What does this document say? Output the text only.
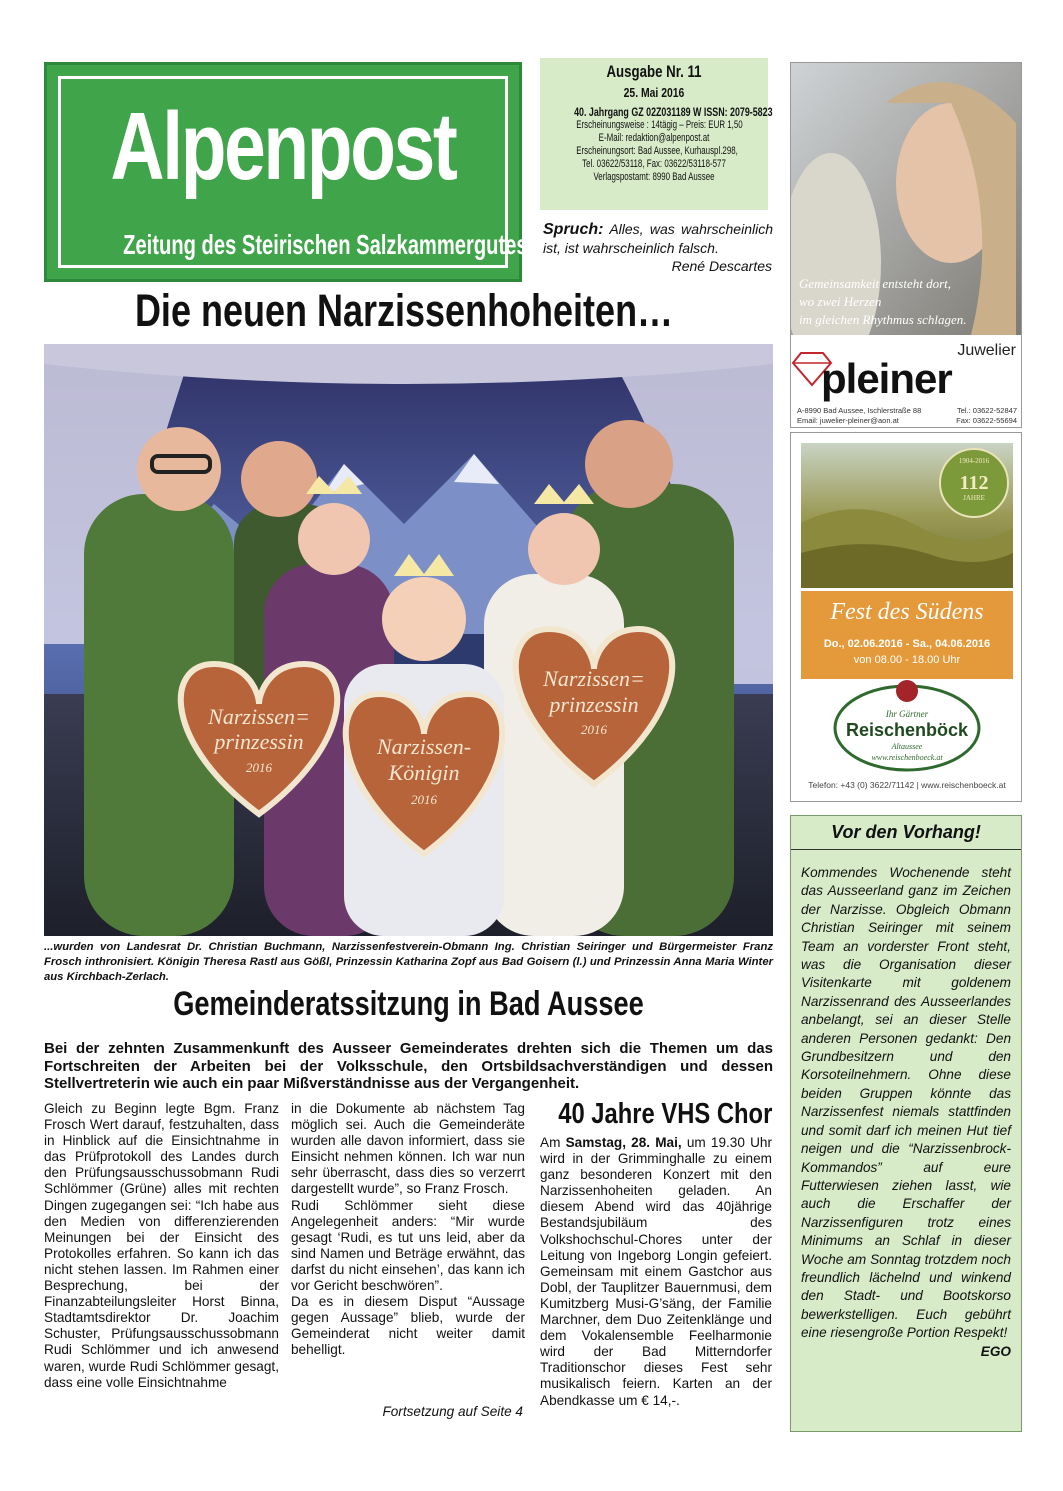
Alpenpost
Zeitung des Steirischen Salzkammergutes
Ausgabe Nr. 11
25. Mai 2016
40. Jahrgang GZ 02Z031189 W ISSN: 2079-5823
Erscheinungsweise : 14tägig – Preis: EUR 1,50
E-Mail: redaktion@alpenpost.at
Erscheinungsort: Bad Aussee, Kurhauspl.298,
Tel. 03622/53118, Fax: 03622/53118-577
Verlagspostamt: 8990 Bad Aussee
Spruch: Alles, was wahrscheinlich ist, ist wahrscheinlich falsch.
René Descartes
Die neuen Narzissenhoheiten…
Narzissen=
prinzessin
2016
Narzissen-
Königin
2016
Narzissen=
prinzessin
2016
...wurden von Landesrat Dr. Christian Buchmann, Narzissenfestverein-Obmann Ing. Christian Seiringer und Bürgermeister Franz Frosch inthronisiert. Königin Theresa Rastl aus Gößl, Prinzessin Katharina Zopf aus Bad Goisern (l.) und Prinzessin Anna Maria Winter aus Kirchbach-Zerlach.
Gemeinderatssitzung in Bad Aussee
Bei der zehnten Zusammenkunft des Ausseer Gemeinderates drehten sich die Themen um das Fortschreiten der Arbeiten bei der Volksschule, den Ortsbildsachverständigen und dessen Stellvertreterin wie auch ein paar Mißverständnisse aus der Vergangenheit.
Gleich zu Beginn legte Bgm. Franz Frosch Wert darauf, festzuhalten, dass in Hinblick auf die Einsichtnahme in das Prüfprotokoll des Landes durch den Prüfungsausschussobmann Rudi Schlömmer (Grüne) alles mit rechten Dingen zugegangen sei: “Ich habe aus den Medien von differenzierenden Meinungen bei der Einsicht des Protokolles erfahren. So kann ich das nicht stehen lassen. Im Rahmen einer Besprechung, bei der Finanzabteilungsleiter Horst Binna, Stadtamtsdirektor Dr. Joachim Schuster, Prüfungsausschussobmann Rudi Schlömmer und ich anwesend waren, wurde Rudi Schlömmer gesagt, dass eine volle Einsichtnahme
in die Dokumente ab nächstem Tag möglich sei. Auch die Gemeinderäte wurden alle davon informiert, dass sie Einsicht nehmen können. Ich war nun sehr überrascht, dass dies so verzerrt dargestellt wurde”, so Franz Frosch.
Rudi Schlömmer sieht diese Angelegenheit anders: “Mir wurde gesagt ‘Rudi, es tut uns leid, aber da sind Namen und Beträge erwähnt, das darfst du nicht einsehen’, das kann ich vor Gericht beschwören”.
Da es in diesem Disput “Aussage gegen Aussage” blieb, wurde der Gemeinderat nicht weiter damit behelligt.
Fortsetzung auf Seite 4
40 Jahre VHS Chor
Am Samstag, 28. Mai, um 19.30 Uhr wird in der Grimminghalle zu einem ganz besonderen Konzert mit den Narzissenhoheiten geladen. An diesem Abend wird das 40jährige Bestandsjubiläum des Volkshochschul-Chores unter der Leitung von Ingeborg Longin gefeiert. Gemeinsam mit einem Gastchor aus Dobl, der Tauplitzer Bauernmusi, dem Kumitzberg Musi-G’säng, der Familie Marchner, dem Duo Zeitenklänge und dem Vokalensemble Feelharmonie wird der Bad Mitterndorfer Traditionschor dieses Fest sehr musikalisch feiern. Karten an der Abendkasse um € 14,-.
Gemeinsamkeit entsteht dort,
wo zwei Herzen
im gleichen Rhythmus schlagen.
Juwelier
pleiner
A-8990 Bad Aussee, Ischlerstraße 88	Tel.: 03622-52847
Email: juwelier-pleiner@aon.at	Fax: 03622-55694
1904-2016
112
JAHRE
Fest des Südens
Do., 02.06.2016 - Sa., 04.06.2016
von 08.00 - 18.00 Uhr
Ihr Gärtner
Reischenböck
Altaussee
www.reischenboeck.at
Telefon: +43 (0) 3622/71142 | www.reischenboeck.at
Vor den Vorhang!
Kommendes Wochenende steht das Ausseerland ganz im Zeichen der Narzisse. Obgleich Obmann Christian Seiringer mit seinem Team an vorderster Front steht, was die Organisation dieser Visitenkarte mit goldenem Narzissenrand des Ausseerlandes anbelangt, sei an dieser Stelle anderen Personen gedankt: Den Grundbesitzern und den Korsoteilnehmern. Ohne diese beiden Gruppen könnte das Narzissenfest niemals stattfinden und somit darf ich meinen Hut tief neigen und die “Narzissenbrock-Kommandos” auf eure Futterwiesen ziehen lasst, wie auch die Erschaffer der Narzissenfiguren trotz eines Minimums an Schlaf in dieser Woche am Sonntag trotzdem noch freundlich lächelnd und winkend den Stadt- und Bootskorso bewerkstelligen. Euch gebührt eine riesengroße Portion Respekt!
EGO
